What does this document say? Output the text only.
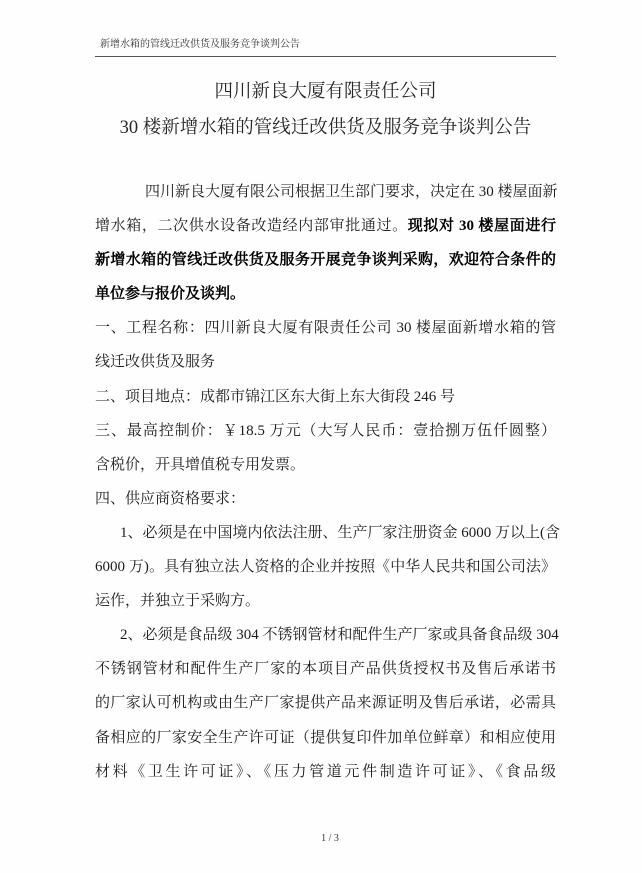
新增水箱的管线迁改供货及服务竞争谈判公告
四川新良大厦有限责任公司
30 楼新增水箱的管线迁改供货及服务竞争谈判公告
四川新良大厦有限公司根据卫生部门要求，决定在 30 楼屋面新
增水箱，二次供水设备改造经内部审批通过。现拟对 30 楼屋面进行
新增水箱的管线迁改供货及服务开展竞争谈判采购，欢迎符合条件的
单位参与报价及谈判。
一、工程名称：四川新良大厦有限责任公司 30 楼屋面新增水箱的管
线迁改供货及服务
二、项目地点：成都市锦江区东大街上东大街段 246 号
三、最高控制价：￥18.5 万元（大写人民币：壹拾捌万伍仟圆整）
含税价，开具增值税专用发票。
四、供应商资格要求：
1、必须是在中国境内依法注册、生产厂家注册资金 6000 万以上(含
6000 万)。具有独立法人资格的企业并按照《中华人民共和国公司法》
运作，并独立于采购方。
2、必须是食品级 304 不锈钢管材和配件生产厂家或具备食品级 304
不锈钢管材和配件生产厂家的本项目产品供货授权书及售后承诺书
的厂家认可机构或由生产厂家提供产品来源证明及售后承诺，必需具
备相应的厂家安全生产许可证（提供复印件加单位鲜章）和相应使用
材料《卫生许可证》、《压力管道元件制造许可证》、《食品级
1 / 3
